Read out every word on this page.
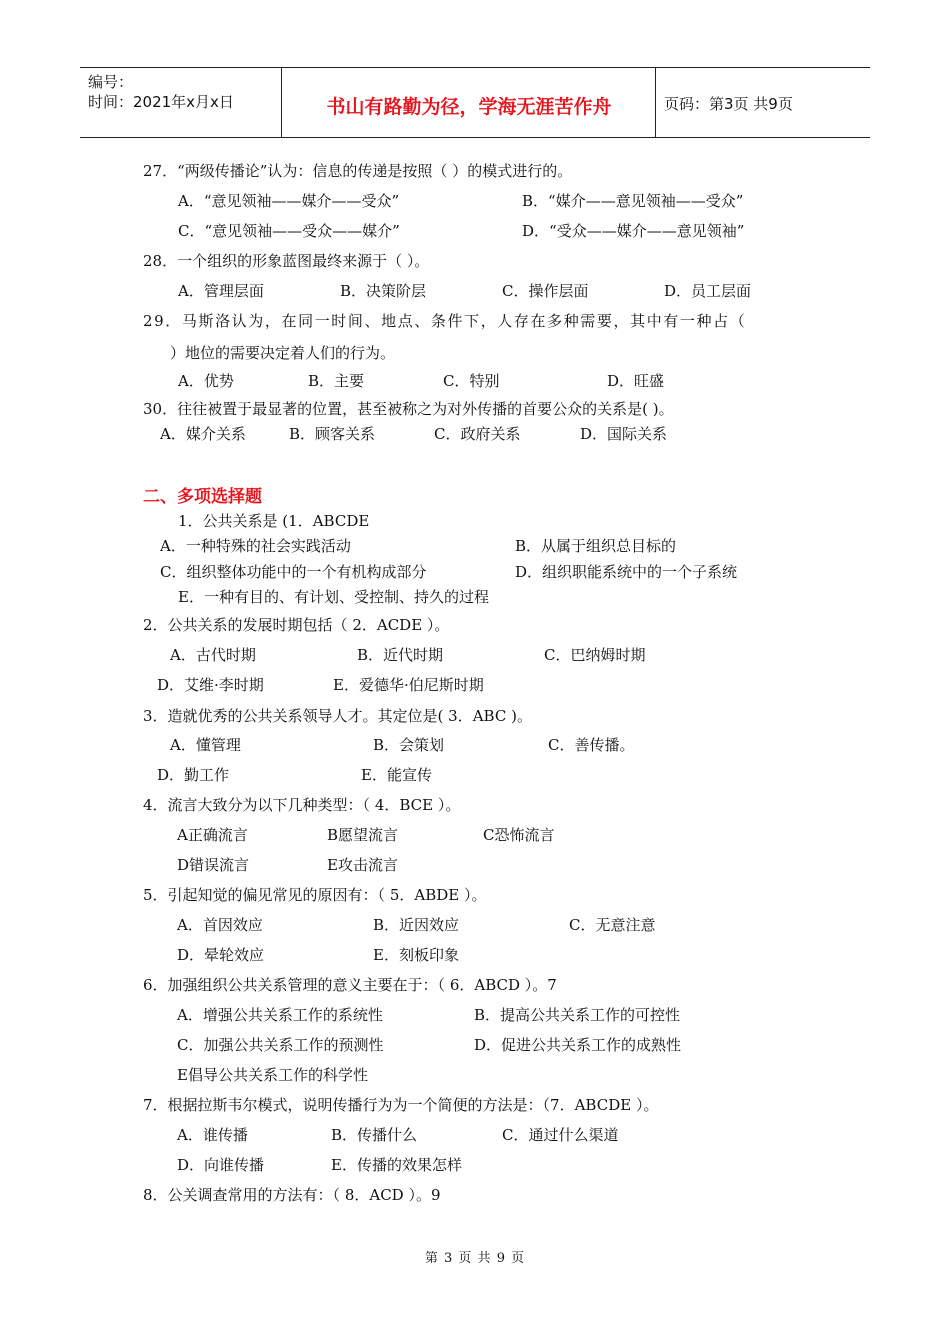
编号：
时间：2021年x月x日	书山有路勤为径，学海无涯苦作舟	页码：第3页 共9页
27．“两级传播论”认为：信息的传递是按照（ ）的模式进行的。
A．“意见领袖——媒介——受众”	B．“媒介——意见领袖——受众”
C．“意见领袖——受众——媒介”	D．“受众——媒介——意见领袖”
28．一个组织的形象蓝图最终来源于（ ）。
A．管理层面	B．决策阶层	C．操作层面	D．员工层面
29．马斯洛认为，在同一时间、地点、条件下，人存在多种需要，其中有一种占（
）地位的需要决定着人们的行为。
A．优势	B．主要	C．特别	D．旺盛
30．往往被置于最显著的位置，甚至被称之为对外传播的首要公众的关系是( )。
A．媒介关系	B．顾客关系	C．政府关系	D．国际关系
二、多项选择题
1．公共关系是 (1．ABCDE
A．一种特殊的社会实践活动	B．从属于组织总目标的
C．组织整体功能中的一个有机构成部分	D．组织职能系统中的一个子系统
E．一种有目的、有计划、受控制、持久的过程
2．公共关系的发展时期包括（ 2．ACDE ）。
A．古代时期	B．近代时期	C．巴纳姆时期
D．艾维·李时期	E．爱德华·伯尼斯时期
3．造就优秀的公共关系领导人才。其定位是( 3．ABC )。
A．懂管理	B．会策划	C．善传播。
D．勤工作	E．能宣传
4．流言大致分为以下几种类型：（ 4．BCE ）。
A正确流言	B愿望流言	C恐怖流言
D错误流言	E攻击流言
5．引起知觉的偏见常见的原因有：（ 5．ABDE ）。
A．首因效应	B．近因效应	C．无意注意
D．晕轮效应	E．刻板印象
6．加强组织公共关系管理的意义主要在于：（ 6．ABCD ）。7
A．增强公共关系工作的系统性	B．提高公共关系工作的可控性
C．加强公共关系工作的预测性	D．促进公共关系工作的成熟性
E倡导公共关系工作的科学性
7．根据拉斯韦尔模式，说明传播行为为一个简便的方法是：（7．ABCDE ）。
A．谁传播	B．传播什么	C．通过什么渠道
D．向谁传播	E．传播的效果怎样
8．公关调查常用的方法有：（ 8．ACD ）。9
第 3 页 共 9 页
